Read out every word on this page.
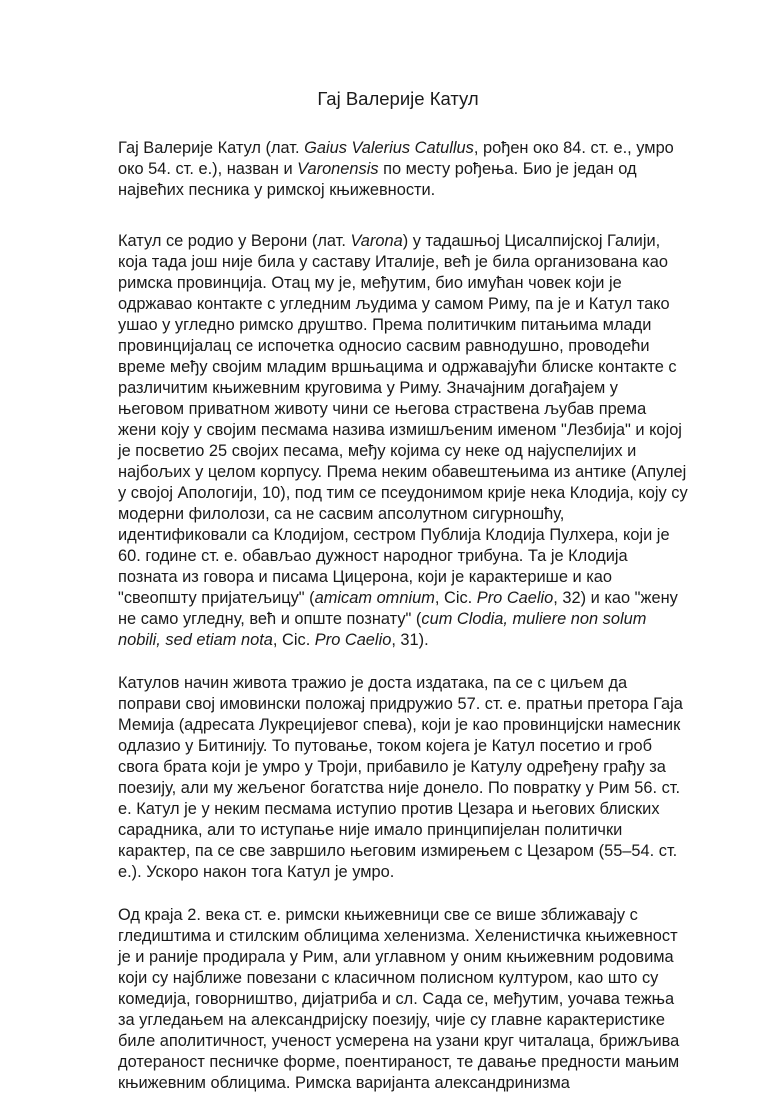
Гај Валерије Катул

Гај Валерије Катул (лат. Gaius Valerius Catullus, рођен око 84. ст. е., умро око 54. ст. е.), назван и Varonensis по месту рођења. Био је један од највећих песника у римској књижевности.

Катул се родио у Верони (лат. Varona) у тадашњој Цисалпијској Галији, која тада још није била у саставу Италије, већ је била организована као римска провинција. Отац му је, међутим, био имућан човек који је одржавао контакте с угледним људима у самом Риму, па је и Катул тако ушао у угледно римско друштво. Према политичким питањима млади провинцијалац се испочетка односио сасвим равнодушно, проводећи време међу својим младим вршњацима и одржавајући блиске контакте с различитим књижевним круговима у Риму. Значајним догађајем у његовом приватном животу чини се његова страствена љубав према жени коју у својим песмама назива измишљеним именом "Лезбија" и којој је посветио 25 својих песама, међу којима су неке од најуспелијих и најбољих у целом корпусу. Према неким обавештењима из антике (Апулеј у својој Апологији, 10), под тим се псеудонимом крије нека Клодија, коју су модерни филолози, са не сасвим апсолутном сигурношћу, идентификовали са Клодијом, сестром Публија Клодија Пулхера, који је 60. године ст. е. обављао дужност народног трибуна. Та је Клодија позната из говора и писама Цицерона, који је карактерише и као "свеопшту пријатељицу" (amicam omnium, Cic. Pro Caelio, 32) и као "жену не само угледну, већ и опште познату" (cum Clodia, muliere non solum nobili, sed etiam nota, Cic. Pro Caelio, 31).

Катулов начин живота тражио је доста издатака, па се с циљем да поправи свој имовински положај придружио 57. ст. е. пратњи претора Гаја Мемија (адресата Лукрецијевог спева), који је као провинцијски намесник одлазио у Битинију. То путовање, током којега је Катул посетио и гроб свога брата који је умро у Троји, прибавило је Катулу одређену грађу за поезију, али му жељеног богатства није донело. По повратку у Рим 56. ст. е. Катул је у неким песмама иступио против Цезара и његових блиских сарадника, али то иступање није имало принципијелан политички карактер, па се све завршило његовим измирењем с Цезаром (55–54. ст. е.). Ускоро након тога Катул је умро.

Од краја 2. века ст. е. римски књижевници све се више зближавају с гледиштима и стилским облицима хеленизма. Хеленистичка књижевност је и раније продирала у Рим, али углавном у оним књижевним родовима који су најближе повезани с класичном полисном културом, као што су комедија, говорништво, дијатриба и сл. Сада се, међутим, уочава тежња за угледањем на александријску поезију, чије су главне карактеристике биле аполитичност, ученост усмерена на узани круг читалаца, брижљива дотераност песничке форме, поентираност, те давање предности мањим књижевним облицима. Римска варијанта александринизма
